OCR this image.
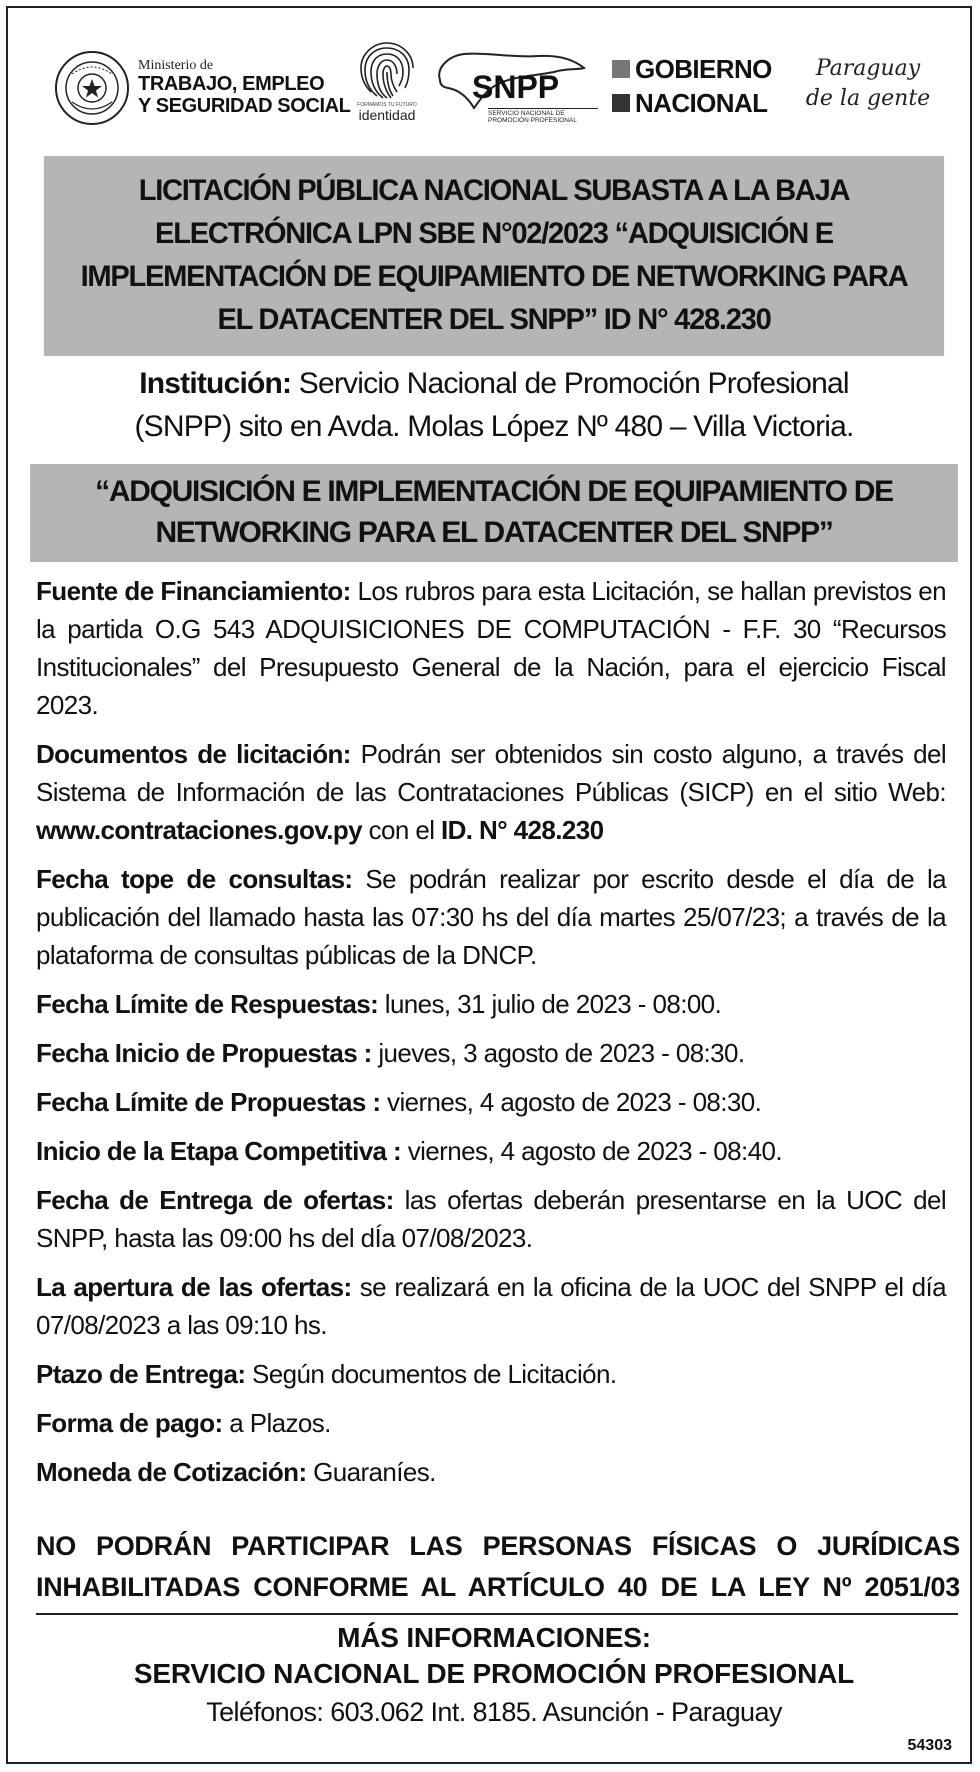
Ministerio de
TRABAJO, EMPLEO
Y SEGURIDAD SOCIAL	FORMAMOS TU FUTURO
identidad
SNPP
SERVICIO NACIONAL DE PROMOCIÓN PROFESIONAL
GOBIERNO
NACIONAL
Paraguay
de la gente
LICITACIÓN PÚBLICA NACIONAL SUBASTA A LA BAJA
ELECTRÓNICA LPN SBE N°02/2023 “ADQUISICIÓN E
IMPLEMENTACIÓN DE EQUIPAMIENTO DE NETWORKING PARA
EL DATACENTER DEL SNPP” ID N° 428.230
Institución: Servicio Nacional de Promoción Profesional
(SNPP) sito en Avda. Molas López Nº 480 – Villa Victoria.
“ADQUISICIÓN E IMPLEMENTACIÓN DE EQUIPAMIENTO DE
NETWORKING PARA EL DATACENTER DEL SNPP”

Fuente de Financiamiento: Los rubros para esta Licitación, se hallan previstos en la partida O.G 543 ADQUISICIONES DE COMPUTACIÓN - F.F. 30 “Recursos Institucionales” del Presupuesto General de la Nación, para el ejercicio Fiscal 2023.

Documentos de licitación: Podrán ser obtenidos sin costo alguno, a través del Sistema de Información de las Contrataciones Públicas (SICP) en el sitio Web: www.contrataciones.gov.py con el ID. N° 428.230

Fecha tope de consultas: Se podrán realizar por escrito desde el día de la publicación del llamado hasta las 07:30 hs del día martes 25/07/23; a través de la plataforma de consultas públicas de la DNCP.

Fecha Límite de Respuestas: lunes, 31 julio de 2023 - 08:00.

Fecha Inicio de Propuestas : jueves, 3 agosto de 2023 - 08:30.

Fecha Límite de Propuestas : viernes, 4 agosto de 2023 - 08:30.

Inicio de la Etapa Competitiva : viernes, 4 agosto de 2023 - 08:40.

Fecha de Entrega de ofertas: las ofertas deberán presentarse en la UOC del SNPP, hasta las 09:00 hs del dÍa 07/08/2023.

La apertura de las ofertas: se realizará en la oficina de la UOC del SNPP el día 07/08/2023 a las 09:10 hs.

Ptazo de Entrega: Según documentos de Licitación.

Forma de pago: a Plazos.

Moneda de Cotización: Guaraníes.

NO PODRÁN PARTICIPAR LAS PERSONAS FÍSICAS O JURÍDICAS INHABILITADAS CONFORME AL ARTÍCULO 40 DE LA LEY Nº 2051/03
MÁS INFORMACIONES:
SERVICIO NACIONAL DE PROMOCIÓN PROFESIONAL
Teléfonos: 603.062 Int. 8185. Asunción - Paraguay
54303
